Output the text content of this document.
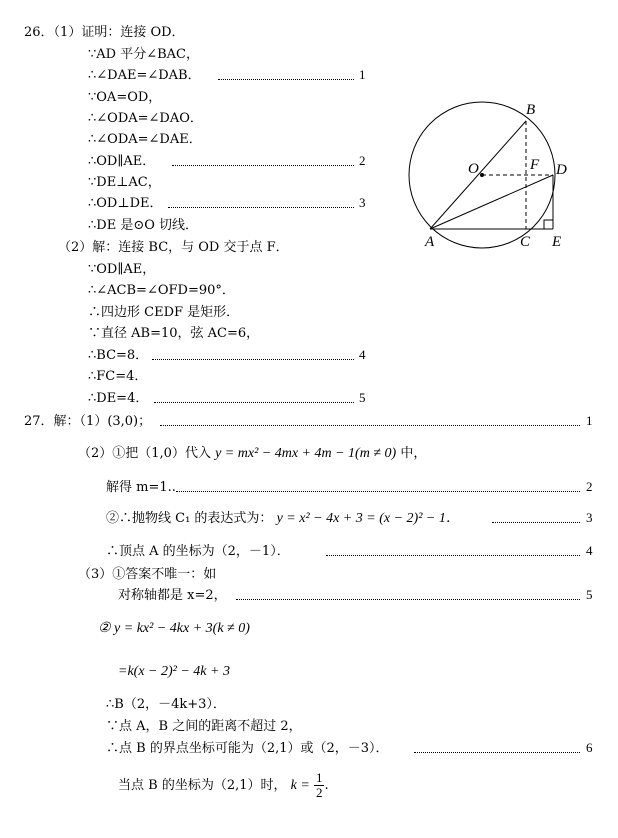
26．（1）证明：连接 OD．
∵AD 平分∠BAC，
∴∠DAE=∠DAB．	1
∵OA=OD，
∴∠ODA=∠DAO．
∴∠ODA=∠DAE．
∴OD∥AE．	2
∵DE⊥AC，
∴OD⊥DE．	3
∴DE 是⊙O 切线．
（2）解：连接 BC，与 OD 交于点 F．
∵OD∥AE，
∴∠ACB=∠OFD=90°．
∴四边形 CEDF 是矩形．
∵直径 AB=10，弦 AC=6，
∴BC=8．	4
∴FC=4．
∴DE=4．	5
B
O	F D
A	C E
27．解：（1）(3,0)；	1
（2）①把（1,0）代入 y = mx² − 4mx + 4m − 1(m ≠ 0) 中，
解得 m=1..	2
②∴抛物线 C₁ 的表达式为： y = x² − 4x + 3 = (x − 2)² − 1．	3
∴顶点 A 的坐标为（2，－1）．	4
（3）①答案不唯一：如
对称轴都是 x=2，	5
② y = kx² − 4kx + 3(k ≠ 0)
=k(x − 2)² − 4k + 3
∴B（2，－4k+3）．
∵点 A，B 之间的距离不超过 2，
∴点 B 的界点坐标可能为（2,1）或（2，－3）．	6
当点 B 的坐标为（2,1）时， $k = \frac{1}{2}$ .
